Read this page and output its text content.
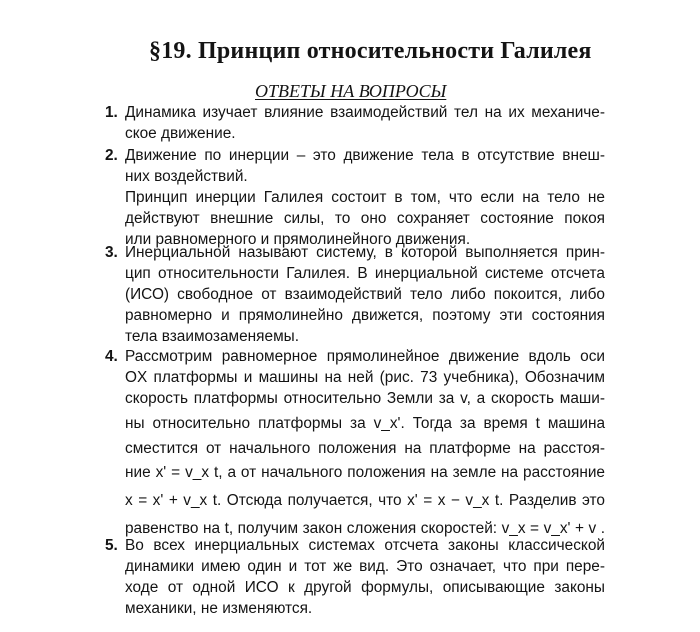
§19. Принцип относительности Галилея
ОТВЕТЫ НА ВОПРОСЫ
1. Динамика изучает влияние взаимодействий тел на их механиче-
ское движение.
2. Движение по инерции – это движение тела в отсутствие внеш-
них воздействий.
Принцип инерции Галилея состоит в том, что если на тело не
действуют внешние силы, то оно сохраняет состояние покоя
или равномерного и прямолинейного движения.
3. Инерциальной называют систему, в которой выполняется прин-
цип относительности Галилея. В инерциальной системе отсчета
(ИСО) свободное от взаимодействий тело либо покоится, либо
равномерно и прямолинейно движется, поэтому эти состояния
тела взаимозаменяемы.
4. Рассмотрим равномерное прямолинейное движение вдоль оси
OX платформы и машины на ней (рис. 73 учебника), Обозначим
скорость платформы относительно Земли за v, а скорость маши-
ны относительно платформы за v_x'. Тогда за время t машина
сместится от начального положения на платформе на расстоя-
ние x' = v_x t, а от начального положения на земле на расстояние
x = x' + v_x t. Отсюда получается, что x' = x − v_x t. Разделив это
равенство на t, получим закон сложения скоростей: v_x = v_x' + v .
5. Во всех инерциальных системах отсчета законы классической
динамики имею один и тот же вид. Это означает, что при пере-
ходе от одной ИСО к другой формулы, описывающие законы
механики, не изменяются.
